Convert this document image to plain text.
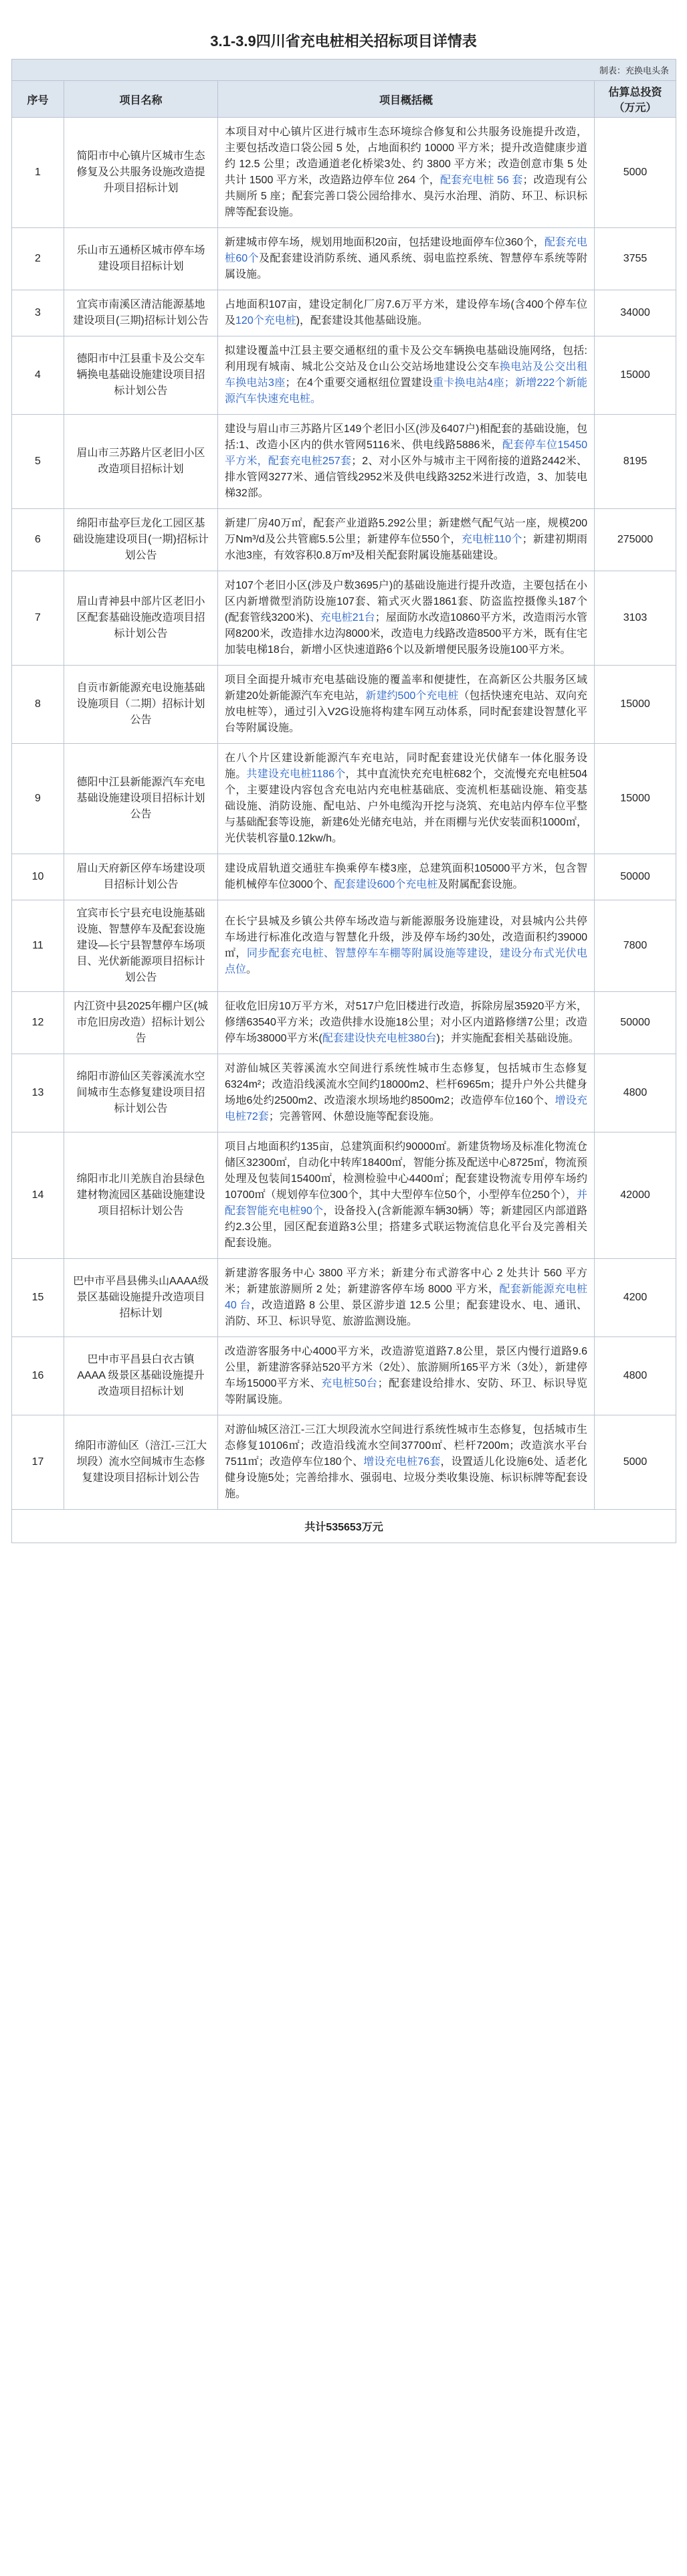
3.1-3.9四川省充电桩相关招标项目详情表
制表：充换电头条			
序号	项目名称	项目概括概	估算总投资（万元）
1	简阳市中心镇片区城市生态修复及公共服务设施改造提升项目招标计划	本项目对中心镇片区进行城市生态环境综合修复和公共服务设施提升改造，主要包括改造口袋公园 5 处，占地面积约 10000 平方米；提升改造健康步道约 12.5 公里；改造通道老化桥梁3处、约 3800 平方米；改造创意市集 5 处共计 1500 平方米，改造路边停车位 264 个，配套充电桩 56 套；改造现有公共厕所 5 座；配套完善口袋公园给排水、臭污水治理、消防、环卫、标识标牌等配套设施。	5000
2	乐山市五通桥区城市停车场建设项目招标计划	新建城市停车场，规划用地面积20亩，包括建设地面停车位360个，配套充电桩60个及配套建设消防系统、通风系统、弱电监控系统、智慧停车系统等附属设施。	3755
3	宜宾市南溪区清洁能源基地建设项目(三期)招标计划公告	占地面积107亩，建设定制化厂房7.6万平方米，建设停车场(含400个停车位及120个充电桩)，配套建设其他基础设施。	34000
4	德阳市中江县重卡及公交车辆换电基础设施建设项目招标计划公告	拟建设覆盖中江县主要交通枢纽的重卡及公交车辆换电基础设施网络，包括:利用现有城南、城北公交站及仓山公交站场地建设公交车换电站及公交出租车换电站3座；在4个重要交通枢纽位置建设重卡换电站4座；新增222个新能源汽车快速充电桩。	15000
5	眉山市三苏路片区老旧小区改造项目招标计划	建设与眉山市三苏路片区149个老旧小区(涉及6407户)相配套的基础设施，包括:1、改造小区内的供水管网5116米、供电线路5886米，配套停车位15450平方米，配套充电桩257套；2、对小区外与城市主干网衔接的道路2442米、排水管网3277米、通信管线2952米及供电线路3252米进行改造，3、加装电梯32部。	8195
6	绵阳市盐亭巨龙化工园区基础设施建设项目(一期)招标计划公告	新建厂房40万㎡，配套产业道路5.292公里；新建燃气配气站一座，规模200万Nm³/d及公共管廊5.5公里；新建停车位550个，充电桩110个；新建初期雨水池3座，有效容积0.8万m³及相关配套附属设施基础建设。	275000
7	眉山青神县中部片区老旧小区配套基础设施改造项目招标计划公告	对107个老旧小区(涉及户数3695户)的基础设施进行提升改造，主要包括在小区内新增微型消防设施107套、箱式灭火器1861套、防盗监控摄像头187个(配套管线3200米)、充电桩21台；屋面防水改造10860平方米，改造雨污水管网8200米，改造排水边沟8000米，改造电力线路改造8500平方米，既有住宅加装电梯18台，新增小区快速道路6个以及新增便民服务设施100平方米。	3103
8	自贡市新能源充电设施基础设施项目（二期）招标计划公告	项目全面提升城市充电基础设施的覆盖率和便捷性，在高新区公共服务区域新建20处新能源汽车充电站，新建约500个充电桩（包括快速充电站、双向充放电桩等），通过引入V2G设施将构建车网互动体系，同时配套建设智慧化平台等附属设施。	15000
9	德阳中江县新能源汽车充电基础设施建设项目招标计划公告	在八个片区建设新能源汽车充电站，同时配套建设光伏储车一体化服务设施。共建设充电桩1186个，其中直流快充充电桩682个，交流慢充充电桩504个，主要建设内容包含充电站内充电桩基础底、变流机柜基础设施、箱变基础设施、消防设施、配电站、户外电缆沟开挖与浇筑、充电站内停车位平整与基础配套等设施，新建6处光储充电站，并在雨棚与光伏安装面积1000㎡，光伏装机容量0.12kw/h。	15000
10	眉山天府新区停车场建设项目招标计划公告	建设成眉轨道交通驻车换乘停车楼3座，总建筑面积105000平方米，包含智能机械停车位3000个、配套建设600个充电桩及附属配套设施。	50000
11	宜宾市长宁县充电设施基础设施、智慧停车及配套设施建设—长宁县智慧停车场项目、光伏新能源项目招标计划公告	在长宁县城及乡镇公共停车场改造与新能源服务设施建设，对县城内公共停车场进行标准化改造与智慧化升级，涉及停车场约30处，改造面积约39000㎡，同步配套充电桩、智慧停车车棚等附属设施等建设，建设分布式光伏电点位。	7800
12	内江资中县2025年棚户区(城市危旧房改造）招标计划公告	征收危旧房10万平方米，对517户危旧楼进行改造，拆除房屋35920平方米，修缮63540平方米；改造供排水设施18公里；对小区内道路修缮7公里；改造停车场38000平方米(配套建设快充电桩380台)；并实施配套相关基础设施。	50000
13	绵阳市游仙区芙蓉溪流水空间城市生态修复建设项目招标计划公告	对游仙城区芙蓉溪流水空间进行系统性城市生态修复，包括城市生态修复6324m²；改造沿线溪流水空间约18000m2、栏杆6965m；提升户外公共健身场地6处约2500m2、改造滚水坝场地约8500m2；改造停车位160个、增设充电桩72套；完善管网、休憩设施等配套设施。	4800
14	绵阳市北川羌族自治县绿色建材物流园区基础设施建设项目招标计划公告	项目占地面积约135亩，总建筑面积约90000㎡。新建货物场及标准化物流仓储区32300㎡，自动化中转库18400㎡，智能分拣及配送中心8725㎡，物流预处理及包装间15400㎡，检测检验中心4400㎡；配套建设物流专用停车场约10700㎡（规划停车位300个，其中大型停车位50个，小型停车位250个），并配套智能充电桩90个，设备投入(含新能源车辆30辆）等；新建园区内部道路约2.3公里，园区配套道路3公里；搭建多式联运物流信息化平台及完善相关配套设施。	42000
15	巴中市平昌县佛头山AAAA级景区基础设施提升改造项目招标计划	新建游客服务中心 3800 平方米；新建分布式游客中心 2 处共计 560 平方米；新建旅游厕所 2 处；新建游客停车场 8000 平方米，配套新能源充电桩 40 台，改造道路 8 公里、景区游步道 12.5 公里；配套建设水、电、通讯、消防、环卫、标识导览、旅游监测设施。	4200
16	巴中市平昌县白衣古镇 AAAA 级景区基础设施提升改造项目招标计划	改造游客服务中心4000平方米，改造游览道路7.8公里，景区内慢行道路9.6公里，新建游客驿站520平方米（2处）、旅游厕所165平方米（3处），新建停车场15000平方米、充电桩50台；配套建设给排水、安防、环卫、标识导览等附属设施。	4800
17	绵阳市游仙区（涪江-三江大坝段）流水空间城市生态修复建设项目招标计划公告	对游仙城区涪江-三江大坝段流水空间进行系统性城市生态修复，包括城市生态修复10106㎡；改造沿线流水空间37700㎡、栏杆7200m；改造滨水平台7511㎡；改造停车位180个、增设充电桩76套，设置适儿化设施6处、适老化健身设施5处；完善给排水、强弱电、垃圾分类收集设施、标识标牌等配套设施。	5000
共计535653万元			
